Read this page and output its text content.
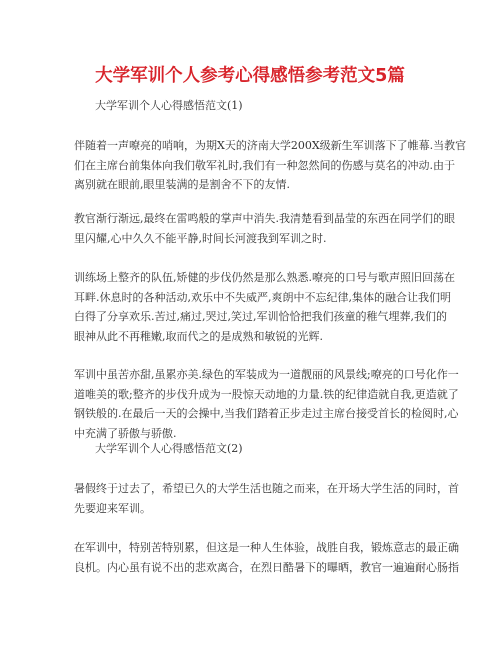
大学军训个人参考心得感悟参考范文5篇
大学军训个人心得感悟范文(1)
伴随着一声嘹亮的哨响，为期X天的济南大学200X级新生军训落下了帷幕.当教官
们在主席台前集体向我们敬军礼时,我们有一种忽然间的伤感与莫名的冲动.由于
离别就在眼前,眼里装满的是割舍不下的友情.
教官渐行渐远,最终在雷鸣般的掌声中消失.我清楚看到晶莹的东西在同学们的眼
里闪耀,心中久久不能平静,时间长河渡我到军训之时.
训练场上整齐的队伍,矫健的步伐仍然是那么熟悉.嘹亮的口号与歌声照旧回荡在
耳畔.休息时的各种活动,欢乐中不失威严,爽朗中不忘纪律,集体的融合让我们明
白得了分享欢乐.苦过,痛过,哭过,笑过,军训恰恰把我们孩童的稚气埋葬,我们的
眼神从此不再稚嫩,取而代之的是成熟和敏锐的光辉.
军训中虽苦亦甜,虽累亦美.绿色的军装成为一道靓丽的风景线;嘹亮的口号化作一
道唯美的歌;整齐的步伐升成为一股惊天动地的力量.铁的纪律造就自我,更造就了
钢铁般的.在最后一天的会操中,当我们踏着正步走过主席台接受首长的检阅时,心
中充满了骄傲与骄傲.
大学军训个人心得感悟范文(2)
暑假终于过去了，希望已久的大学生活也随之而来，在开场大学生活的同时，首
先要迎来军训。
在军训中，特别苦特别累，但这是一种人生体验，战胜自我，锻炼意志的最正确
良机。内心虽有说不出的悲欢离合，在烈日酷暑下的曝晒，教官一遍遍耐心肠指
